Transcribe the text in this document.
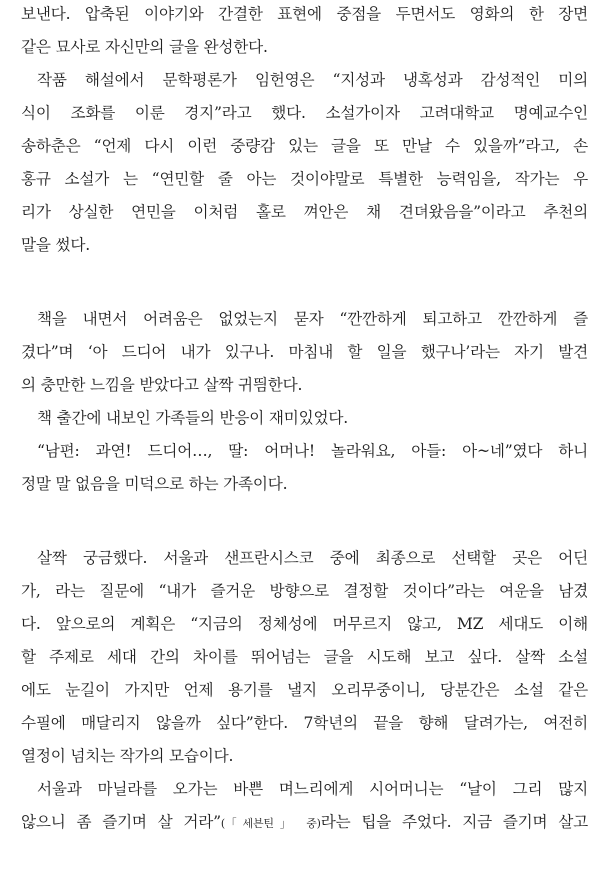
보낸다. 압축된 이야기와 간결한 표현에 중점을 두면서도 영화의 한 장면
같은 묘사로 자신만의 글을 완성한다.
작품 해설에서 문학평론가 임헌영은 “지성과 냉혹성과 감성적인 미의
식이 조화를 이룬 경지”라고 했다. 소설가이자 고려대학교 명예교수인
송하춘은 “언제 다시 이런 중량감 있는 글을 또 만날 수 있을까”라고, 손
홍규 소설가 는 “연민할 줄 아는 것이야말로 특별한 능력임을, 작가는 우
리가 상실한 연민을 이처럼 홀로 껴안은 채 견뎌왔음을”이라고 추천의
말을 썼다.
책을 내면서 어려움은 없었는지 묻자 “깐깐하게 퇴고하고 깐깐하게 즐
겼다”며 ‘아 드디어 내가 있구나. 마침내 할 일을 했구나’라는 자기 발견
의 충만한 느낌을 받았다고 살짝 귀띔한다.
책 출간에 내보인 가족들의 반응이 재미있었다.
“남편: 과연! 드디어…, 딸: 어머나! 놀라워요, 아들: 아~네”였다 하니
정말 말 없음을 미덕으로 하는 가족이다.
살짝 궁금했다. 서울과 샌프란시스코 중에 최종으로 선택할 곳은 어딘
가, 라는 질문에 “내가 즐거운 방향으로 결정할 것이다”라는 여운을 남겼
다. 앞으로의 계획은 “지금의 정체성에 머무르지 않고, MZ 세대도 이해
할 주제로 세대 간의 차이를 뛰어넘는 글을 시도해 보고 싶다. 살짝 소설
에도 눈길이 가지만 언제 용기를 낼지 오리무중이니, 당분간은 소설 같은
수필에 매달리지 않을까 싶다”한다. 7학년의 끝을 향해 달려가는, 여전히
열정이 넘치는 작가의 모습이다.
서울과 마닐라를 오가는 바쁜 며느리에게 시어머니는 “날이 그리 많지
않으니 좀 즐기며 살 거라”(「세븐틴」 중)라는 팁을 주었다. 지금 즐기며 살고
